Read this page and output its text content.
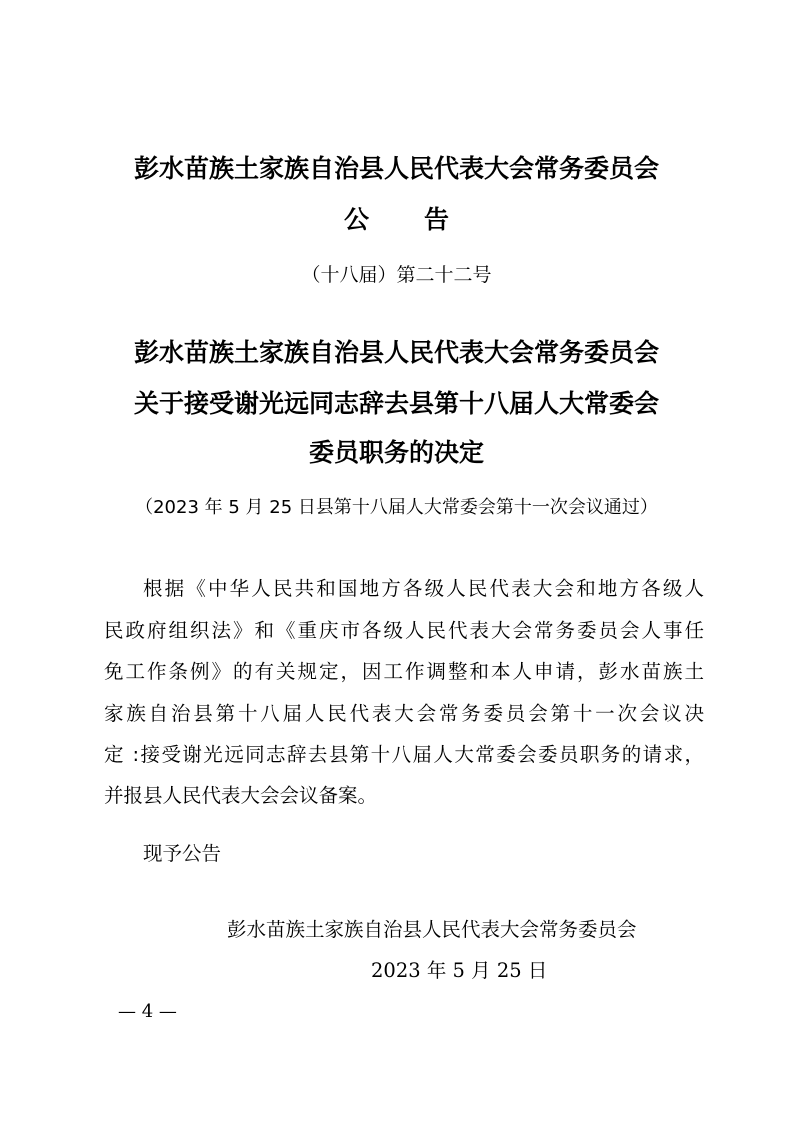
彭水苗族土家族自治县人民代表大会常务委员会
公告
（十八届）第二十二号
彭水苗族土家族自治县人民代表大会常务委员会
关于接受谢光远同志辞去县第十八届人大常委会
委员职务的决定
（2023 年 5 月 25 日县第十八届人大常委会第十一次会议通过）
根据《中华人民共和国地方各级人民代表大会和地方各级人
民政府组织法》和《重庆市各级人民代表大会常务委员会人事任
免工作条例》的有关规定，因工作调整和本人申请，彭水苗族土
家族自治县第十八届人民代表大会常务委员会第十一次会议决
定 :接受谢光远同志辞去县第十八届人大常委会委员职务的请求，
并报县人民代表大会会议备案。
现予公告
彭水苗族土家族自治县人民代表大会常务委员会
2023 年 5 月 25 日
— 4 —
